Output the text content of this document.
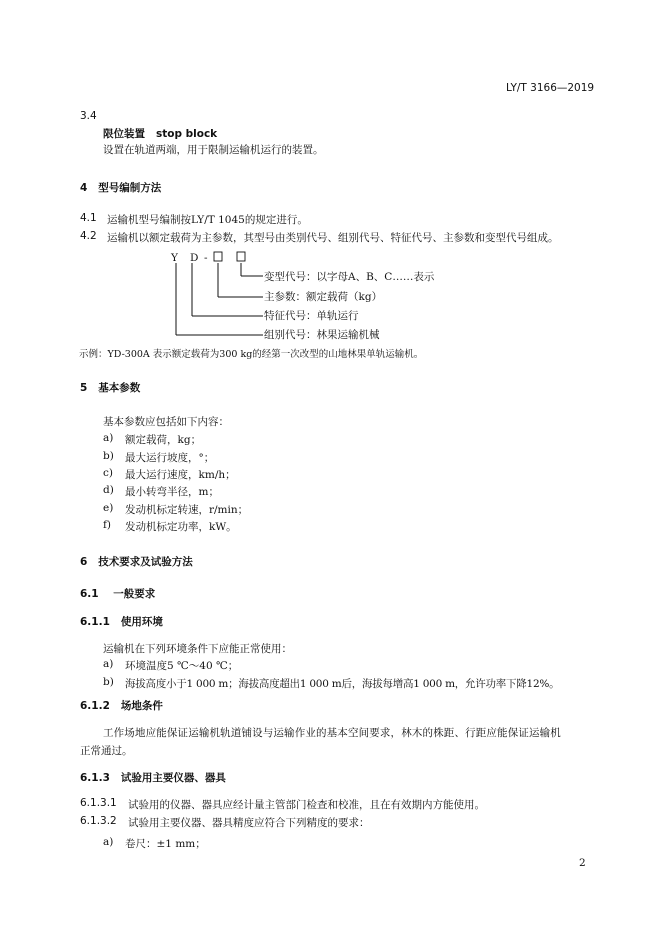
LY/T 3166—2019
3.4
限位装置 stop block
设置在轨道两端，用于限制运输机运行的装置。
4 型号编制方法
4.1 运输机型号编制按LY/T 1045的规定进行。
4.2 运输机以额定载荷为主参数，其型号由类别代号、组别代号、特征代号、主参数和变型代号组成。
Y D -
变型代号：以字母A、B、C……表示
主参数：额定载荷（kg）
特征代号：单轨运行
组别代号：林果运输机械
示例：YD-300A 表示额定载荷为300 kg的经第一次改型的山地林果单轨运输机。
5 基本参数
基本参数应包括如下内容：
a) 额定载荷，kg；
b) 最大运行坡度，°；
c) 最大运行速度，km/h；
d) 最小转弯半径，m；
e) 发动机标定转速，r/min；
f) 发动机标定功率，kW。
6 技术要求及试验方法
6.1 一般要求
6.1.1 使用环境
运输机在下列环境条件下应能正常使用：
a) 环境温度5 ℃～40 ℃；
b) 海拔高度小于1 000 m；海拔高度超出1 000 m后，海拔每增高1 000 m，允许功率下降12%。
6.1.2 场地条件
工作场地应能保证运输机轨道铺设与运输作业的基本空间要求，林木的株距、行距应能保证运输机
正常通过。
6.1.3 试验用主要仪器、器具
6.1.3.1 试验用的仪器、器具应经计量主管部门检查和校准，且在有效期内方能使用。
6.1.3.2 试验用主要仪器、器具精度应符合下列精度的要求：
a) 卷尺：±1 mm；
2
